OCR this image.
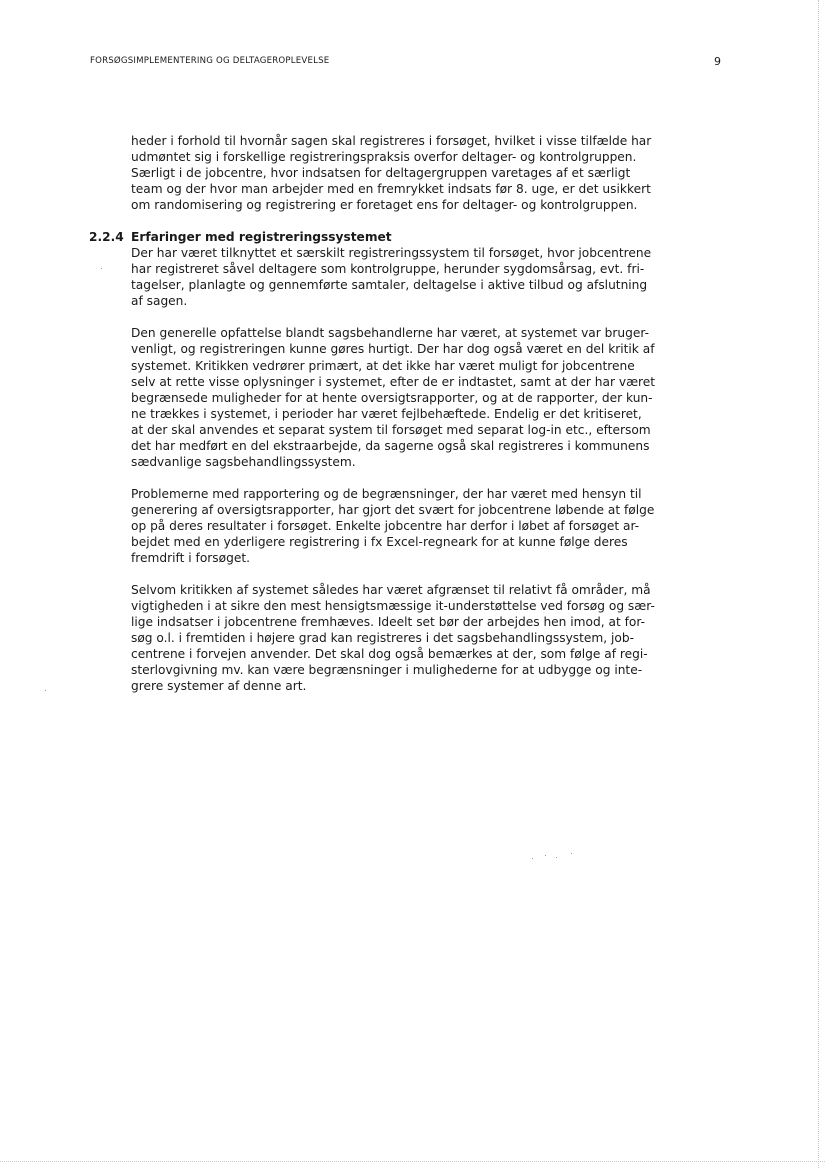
FORSØGSIMPLEMENTERING OG DELTAGEROPLEVELSE	9

heder i forhold til hvornår sagen skal registreres i forsøget, hvilket i visse tilfælde har
udmøntet sig i forskellige registreringspraksis overfor deltager- og kontrolgruppen.
Særligt i de jobcentre, hvor indsatsen for deltagergruppen varetages af et særligt
team og der hvor man arbejder med en fremrykket indsats før 8. uge, er det usikkert
om randomisering og registrering er foretaget ens for deltager- og kontrolgruppen.

2.2.4 Erfaringer med registreringssystemet

Der har været tilknyttet et særskilt registreringssystem til forsøget, hvor jobcentrene
har registreret såvel deltagere som kontrolgruppe, herunder sygdomsårsag, evt. fri-
tagelser, planlagte og gennemførte samtaler, deltagelse i aktive tilbud og afslutning
af sagen.

Den generelle opfattelse blandt sagsbehandlerne har været, at systemet var bruger-
venligt, og registreringen kunne gøres hurtigt. Der har dog også været en del kritik af
systemet. Kritikken vedrører primært, at det ikke har været muligt for jobcentrene
selv at rette visse oplysninger i systemet, efter de er indtastet, samt at der har været
begrænsede muligheder for at hente oversigtsrapporter, og at de rapporter, der kun-
ne trækkes i systemet, i perioder har været fejlbehæftede. Endelig er det kritiseret,
at der skal anvendes et separat system til forsøget med separat log-in etc., eftersom
det har medført en del ekstraarbejde, da sagerne også skal registreres i kommunens
sædvanlige sagsbehandlingssystem.

Problemerne med rapportering og de begrænsninger, der har været med hensyn til
generering af oversigtsrapporter, har gjort det svært for jobcentrene løbende at følge
op på deres resultater i forsøget. Enkelte jobcentre har derfor i løbet af forsøget ar-
bejdet med en yderligere registrering i fx Excel-regneark for at kunne følge deres
fremdrift i forsøget.

Selvom kritikken af systemet således har været afgrænset til relativt få områder, må
vigtigheden i at sikre den mest hensigtsmæssige it-understøttelse ved forsøg og sær-
lige indsatser i jobcentrene fremhæves. Ideelt set bør der arbejdes hen imod, at for-
søg o.l. i fremtiden i højere grad kan registreres i det sagsbehandlingssystem, job-
centrene i forvejen anvender. Det skal dog også bemærkes at der, som følge af regi-
sterlovgivning mv. kan være begrænsninger i mulighederne for at udbygge og inte-
grere systemer af denne art.
